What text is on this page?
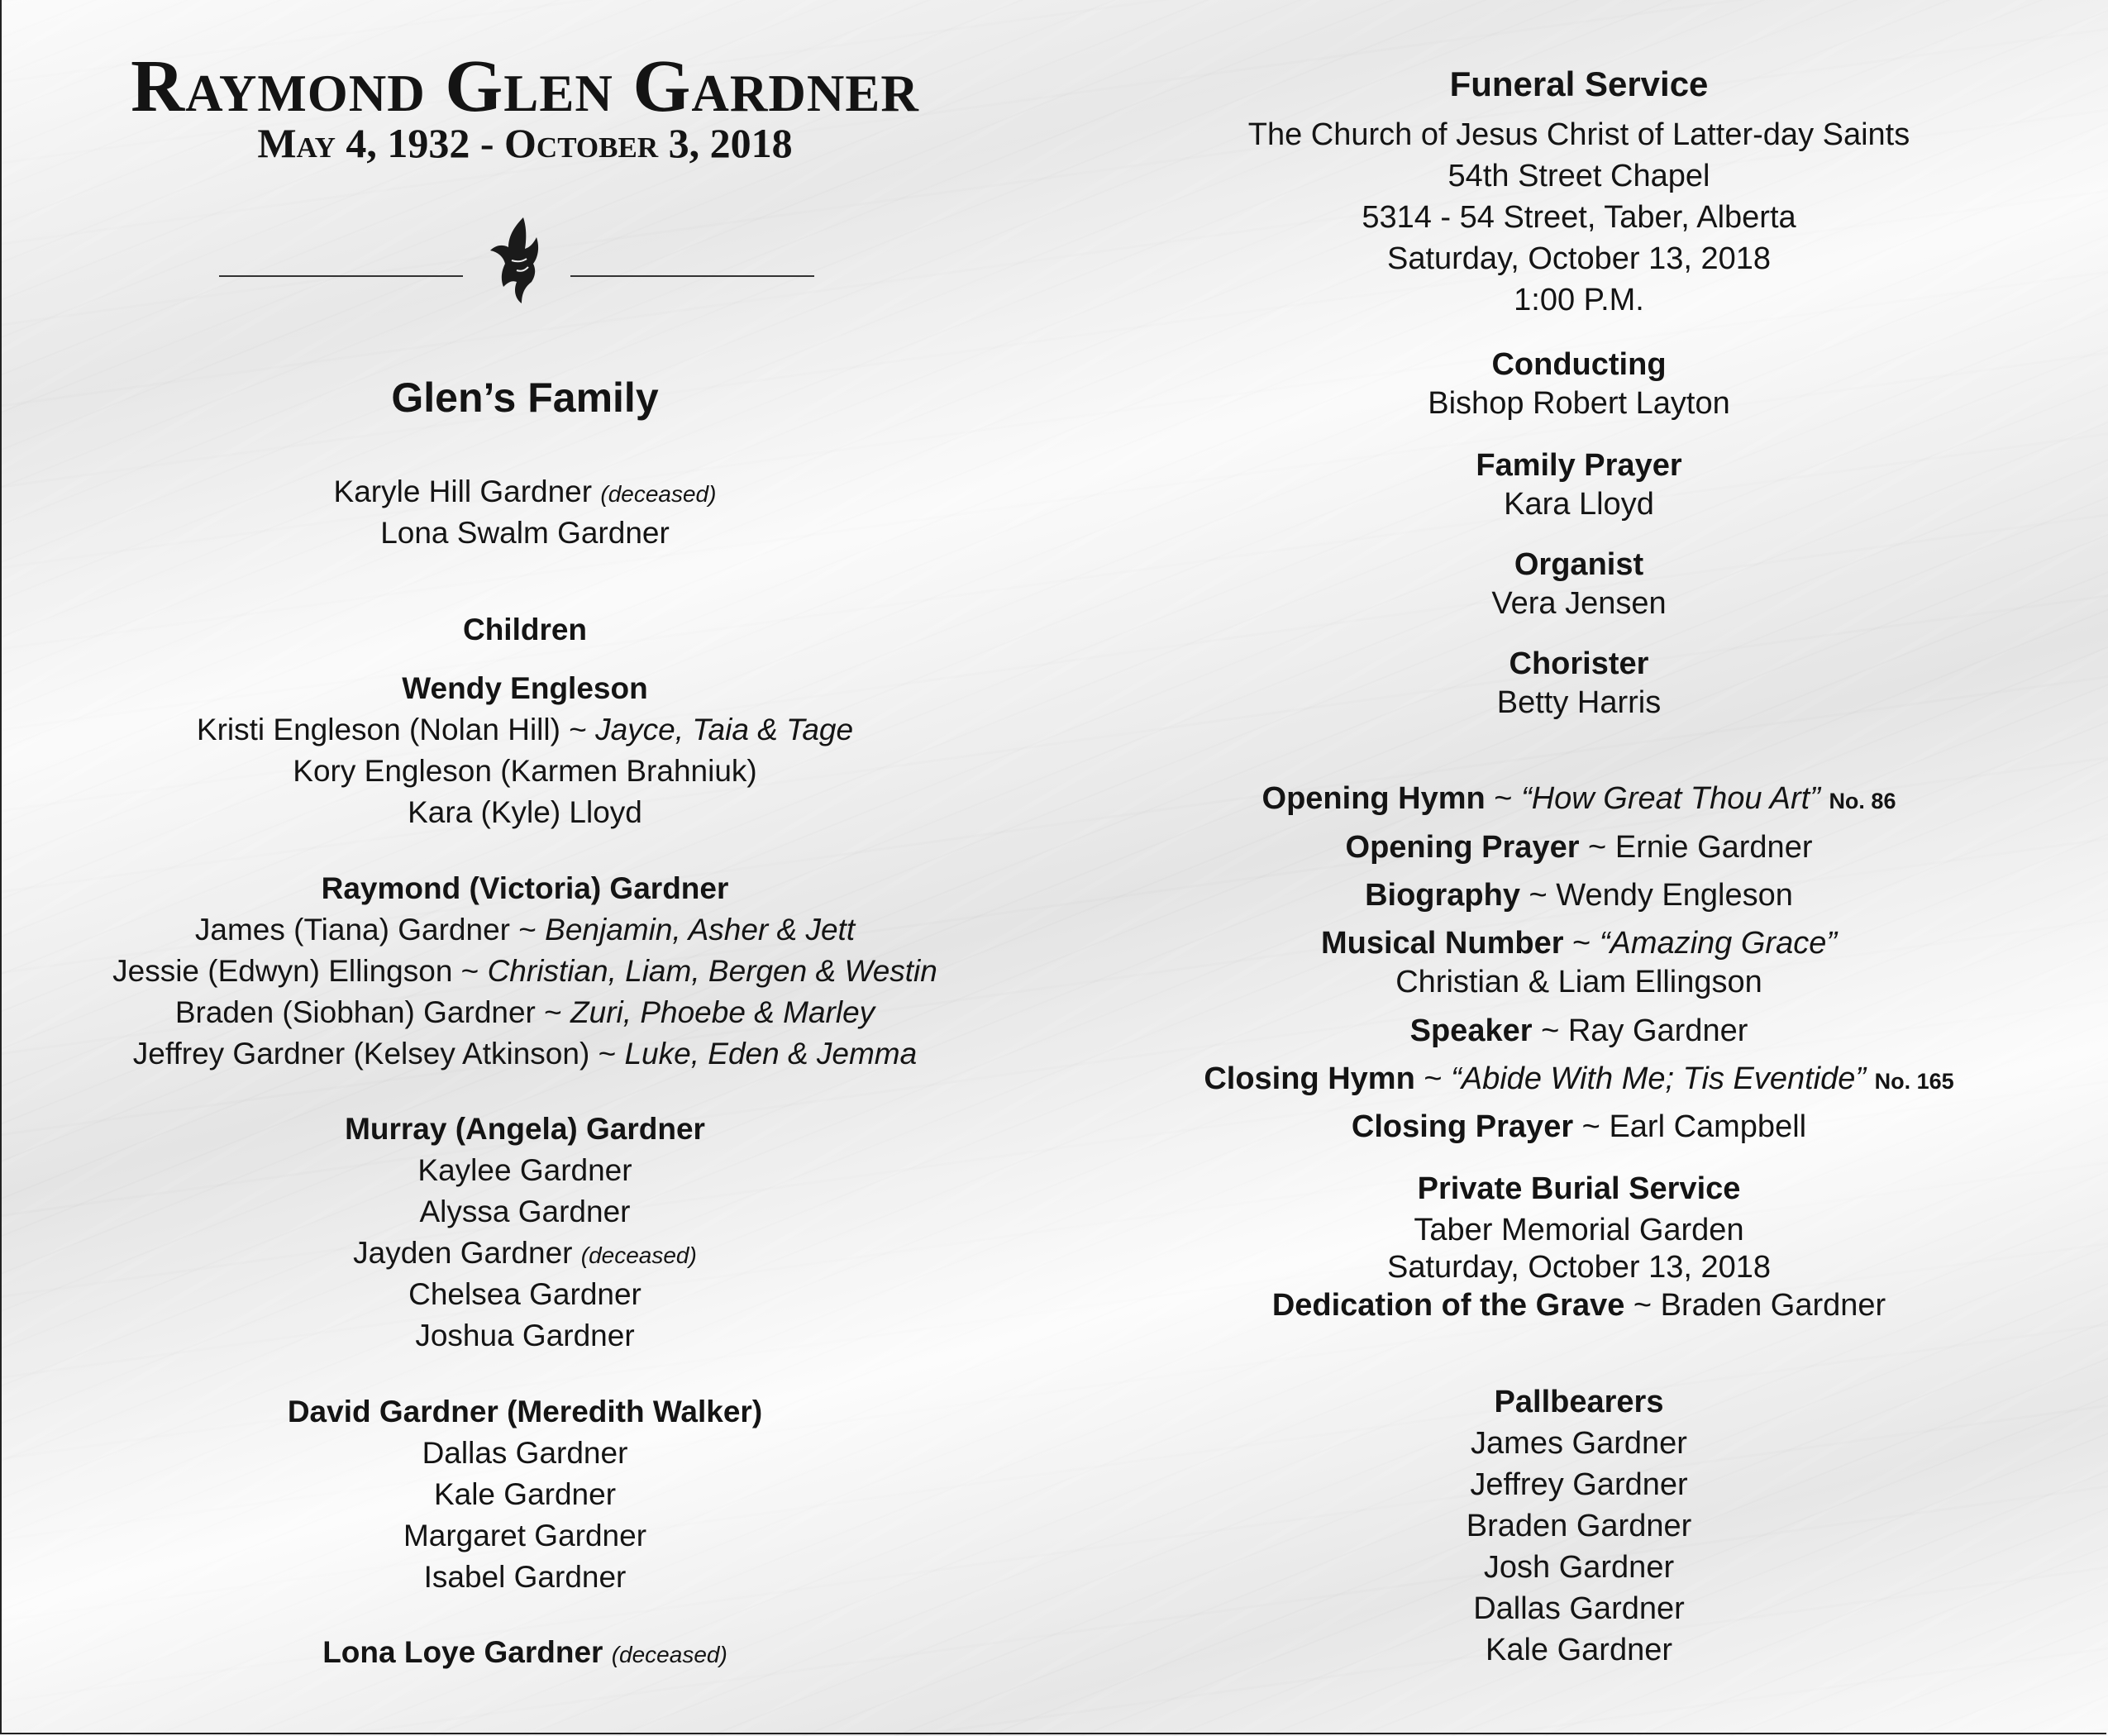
Raymond Glen Gardner
May 4, 1932 - October 3, 2018
Glen’s Family
Karyle Hill Gardner (deceased)
Lona Swalm Gardner
Children
Wendy Engleson
Kristi Engleson (Nolan Hill) ~ Jayce, Taia & Tage
Kory Engleson (Karmen Brahniuk)
Kara (Kyle) Lloyd
Raymond (Victoria) Gardner
James (Tiana) Gardner ~ Benjamin, Asher & Jett
Jessie (Edwyn) Ellingson ~ Christian, Liam, Bergen & Westin
Braden (Siobhan) Gardner ~ Zuri, Phoebe & Marley
Jeffrey Gardner (Kelsey Atkinson) ~ Luke, Eden & Jemma
Murray (Angela) Gardner
Kaylee Gardner
Alyssa Gardner
Jayden Gardner (deceased)
Chelsea Gardner
Joshua Gardner
David Gardner (Meredith Walker)
Dallas Gardner
Kale Gardner
Margaret Gardner
Isabel Gardner
Lona Loye Gardner (deceased)
Funeral Service
The Church of Jesus Christ of Latter-day Saints
54th Street Chapel
5314 - 54 Street, Taber, Alberta
Saturday, October 13, 2018
1:00 P.M.
Conducting
Bishop Robert Layton
Family Prayer
Kara Lloyd
Organist
Vera Jensen
Chorister
Betty Harris
Opening Hymn ~ “How Great Thou Art” No. 86
Opening Prayer ~ Ernie Gardner
Biography ~ Wendy Engleson
Musical Number ~ “Amazing Grace”
Christian & Liam Ellingson
Speaker ~ Ray Gardner
Closing Hymn ~ “Abide With Me; Tis Eventide” No. 165
Closing Prayer ~ Earl Campbell
Private Burial Service
Taber Memorial Garden
Saturday, October 13, 2018
Dedication of the Grave ~ Braden Gardner
Pallbearers
James Gardner
Jeffrey Gardner
Braden Gardner
Josh Gardner
Dallas Gardner
Kale Gardner
